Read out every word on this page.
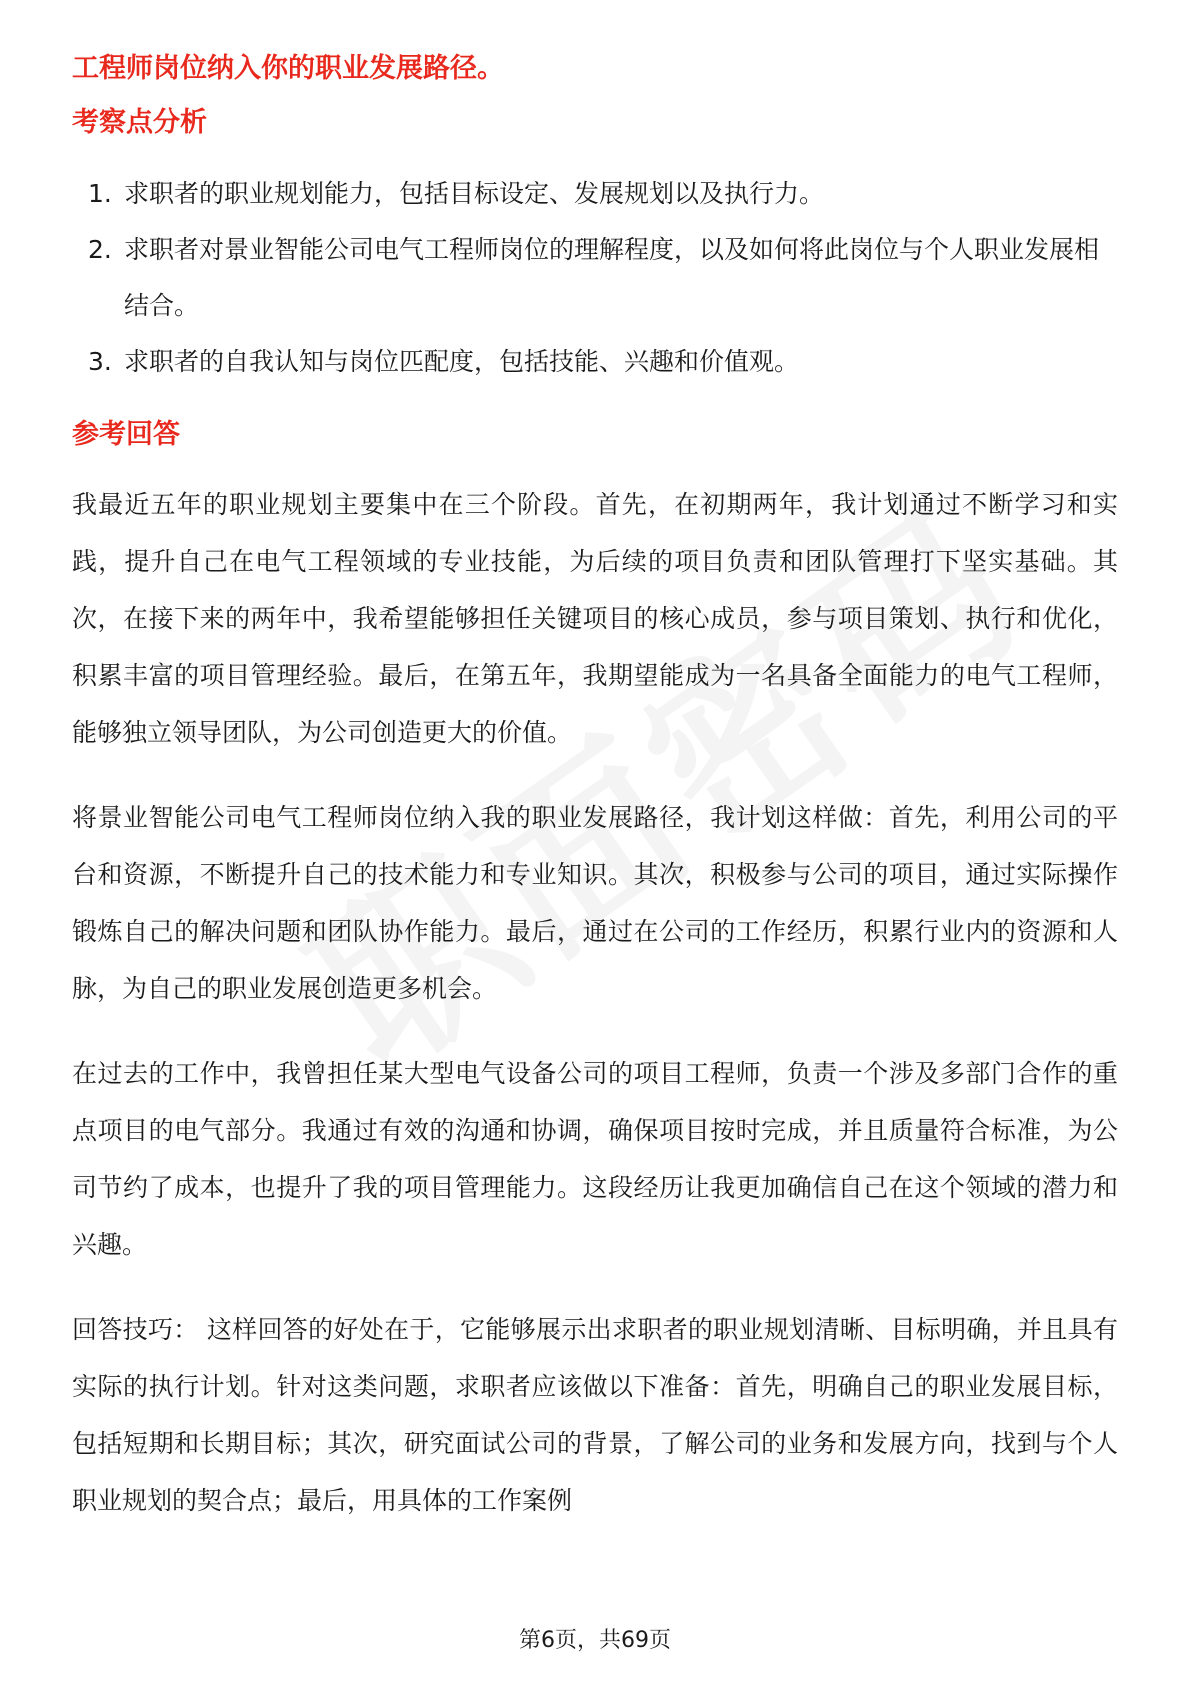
工程师岗位纳入你的职业发展路径。

考察点分析

1. 求职者的职业规划能力，包括目标设定、发展规划以及执行力。
2. 求职者对景业智能公司电气工程师岗位的理解程度，以及如何将此岗位与个人职业发展相结合。
3. 求职者的自我认知与岗位匹配度，包括技能、兴趣和价值观。

参考回答

我最近五年的职业规划主要集中在三个阶段。首先，在初期两年，我计划通过不断学习和实践，提升自己在电气工程领域的专业技能，为后续的项目负责和团队管理打下坚实基础。其次，在接下来的两年中，我希望能够担任关键项目的核心成员，参与项目策划、执行和优化，积累丰富的项目管理经验。最后，在第五年，我期望能成为一名具备全面能力的电气工程师，能够独立领导团队，为公司创造更大的价值。

将景业智能公司电气工程师岗位纳入我的职业发展路径，我计划这样做：首先，利用公司的平台和资源，不断提升自己的技术能力和专业知识。其次，积极参与公司的项目，通过实际操作锻炼自己的解决问题和团队协作能力。最后，通过在公司的工作经历，积累行业内的资源和人脉，为自己的职业发展创造更多机会。

在过去的工作中，我曾担任某大型电气设备公司的项目工程师，负责一个涉及多部门合作的重点项目的电气部分。我通过有效的沟通和协调，确保项目按时完成，并且质量符合标准，为公司节约了成本，也提升了我的项目管理能力。这段经历让我更加确信自己在这个领域的潜力和兴趣。

回答技巧： 这样回答的好处在于，它能够展示出求职者的职业规划清晰、目标明确，并且具有实际的执行计划。针对这类问题，求职者应该做以下准备：首先，明确自己的职业发展目标，包括短期和长期目标；其次，研究面试公司的背景，了解公司的业务和发展方向，找到与个人职业规划的契合点；最后，用具体的工作案例

第6页，共69页
